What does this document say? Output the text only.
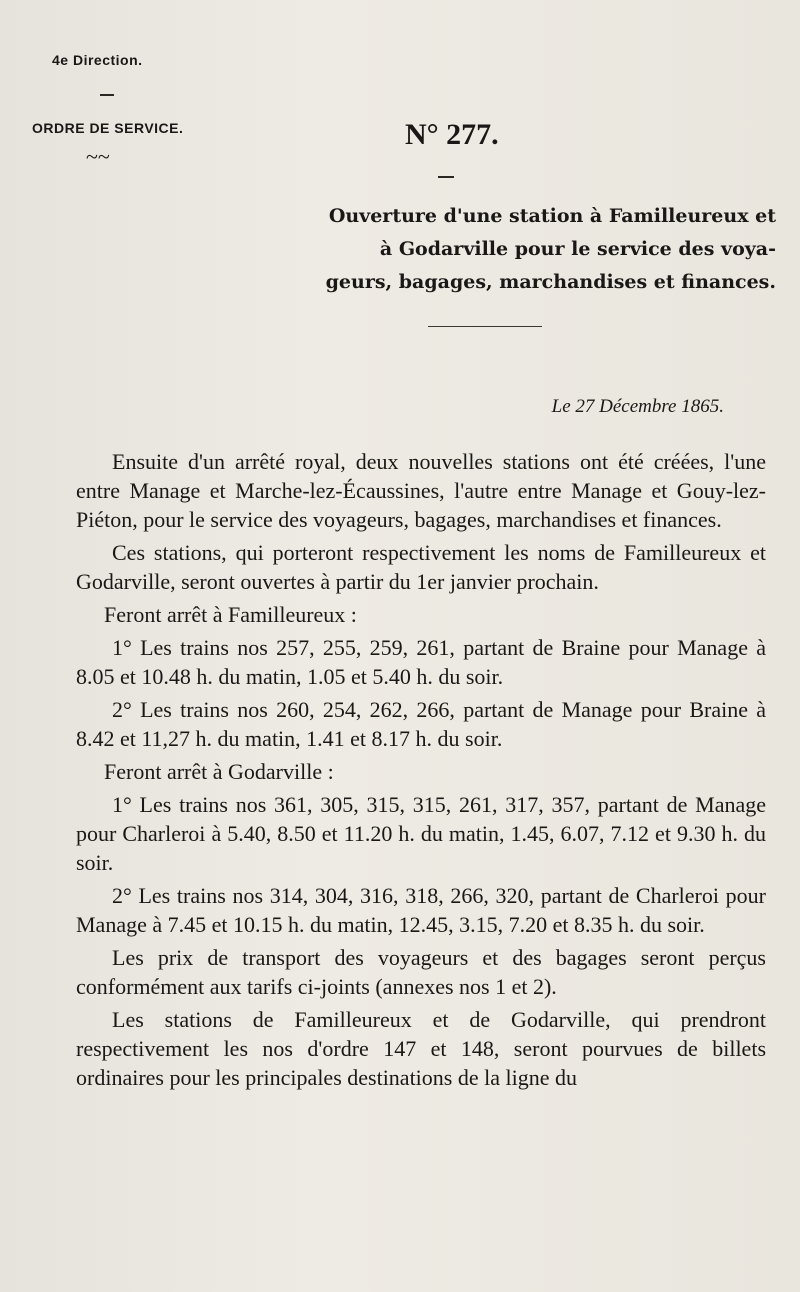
4e Direction.
ORDRE DE SERVICE.
~~
N° 277.
Ouverture d'une station à Familleureux et
à Godarville pour le service des voya-
geurs, bagages, marchandises et finances.
Le 27 Décembre 1865.

Ensuite d'un arrêté royal, deux nouvelles stations ont été créées, l'une entre Manage et Marche-lez-Écaussines, l'autre entre Manage et Gouy-lez-Piéton, pour le service des voyageurs, bagages, marchandises et finances.

Ces stations, qui porteront respectivement les noms de Familleureux et Godarville, seront ouvertes à partir du 1er janvier prochain.

Feront arrêt à Familleureux :

1° Les trains nos 257, 255, 259, 261, partant de Braine pour Manage à 8.05 et 10.48 h. du matin, 1.05 et 5.40 h. du soir.

2° Les trains nos 260, 254, 262, 266, partant de Manage pour Braine à 8.42 et 11,27 h. du matin, 1.41 et 8.17 h. du soir.

Feront arrêt à Godarville :

1° Les trains nos 361, 305, 315, 315, 261, 317, 357, partant de Manage pour Charleroi à 5.40, 8.50 et 11.20 h. du matin, 1.45, 6.07, 7.12 et 9.30 h. du soir.

2° Les trains nos 314, 304, 316, 318, 266, 320, partant de Charleroi pour Manage à 7.45 et 10.15 h. du matin, 12.45, 3.15, 7.20 et 8.35 h. du soir.

Les prix de transport des voyageurs et des bagages seront perçus conformément aux tarifs ci-joints (annexes nos 1 et 2).

Les stations de Familleureux et de Godarville, qui prendront respectivement les nos d'ordre 147 et 148, seront pourvues de billets ordinaires pour les principales destinations de la ligne du
